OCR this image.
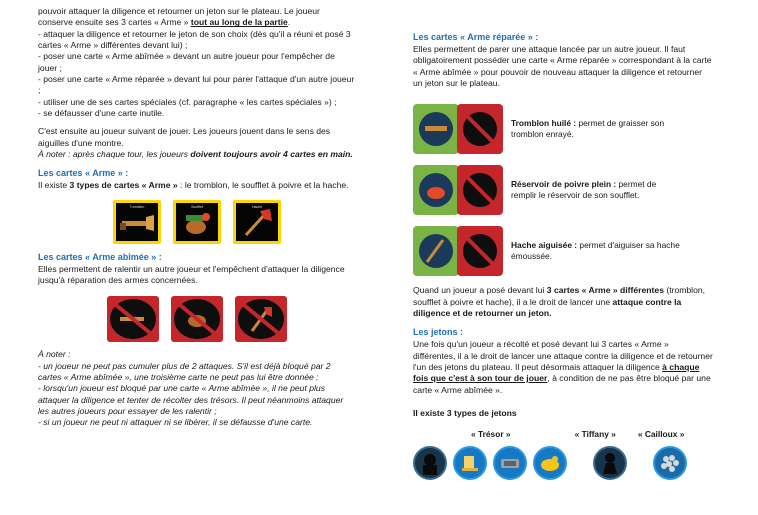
pouvoir attaquer la diligence et retourner un jeton sur le plateau. Le joueur conserve ensuite ses 3 cartes « Arme » tout au long de la partie.

- attaquer la diligence et retourner le jeton de son choix (dès qu'il a réuni et posé 3 cartes « Arme » différentes devant lui) ;

- poser une carte « Arme abîmée » devant un autre joueur pour l'empêcher de jouer ;

- poser une carte « Arme réparée » devant lui pour parer l'attaque d'un autre joueur ;

- utiliser une de ses cartes spéciales (cf. paragraphe « les cartes spéciales ») ;

- se défausser d'une carte inutile.

C'est ensuite au joueur suivant de jouer. Les joueurs jouent dans le sens des aiguilles d'une montre.

À noter : après chaque tour, les joueurs doivent toujours avoir 4 cartes en main.

Les cartes « Arme » :

Il existe 3 types de cartes « Arme » : le tromblon, le soufflet à poivre et la hache.

Tromblon	Soufflet	Hache

Les cartes « Arme abîmée » :

Elles permettent de ralentir un autre joueur et l'empêchent d'attaquer la diligence jusqu'à réparation des armes concernées.

À noter :

- un joueur ne peut pas cumuler plus de 2 attaques. S'il est déjà bloqué par 2 cartes « Arme abîmée », une troisième carte ne peut pas lui être donnée ;

- lorsqu'un joueur est bloqué par une carte « Arme abîmée », il ne peut plus attaquer la diligence et tenter de récolter des trésors. Il peut néanmoins attaquer les autres joueurs pour essayer de les ralentir ;

- si un joueur ne peut ni attaquer ni se libérer, il se défausse d'une carte.

Les cartes « Arme réparée » :

Elles permettent de parer une attaque lancée par un autre joueur. Il faut obligatoirement posséder une carte « Arme réparée » correspondant à la carte « Arme abîmée » pour pouvoir de nouveau attaquer la diligence et retourner un jeton sur le plateau.

Tromblon huilé : permet de graisser son tromblon enrayé.

Réservoir de poivre plein : permet de remplir le réservoir de son soufflet.

Hache aiguisée : permet d'aiguiser sa hache émoussée.

Quand un joueur a posé devant lui 3 cartes « Arme » différentes (tromblon, soufflet à poivre et hache), il a le droit de lancer une attaque contre la diligence et de retourner un jeton.

Les jetons :

Une fois qu'un joueur a récolté et posé devant lui 3 cartes « Arme » différentes, il a le droit de lancer une attaque contre la diligence et de retourner l'un des jetons du plateau. Il peut désormais attaquer la diligence à chaque fois que c'est à son tour de jouer, à condition de ne pas être bloqué par une carte « Arme abîmée ».

Il existe 3 types de jetons

« Trésor »	« Tiffany »	« Cailloux »
